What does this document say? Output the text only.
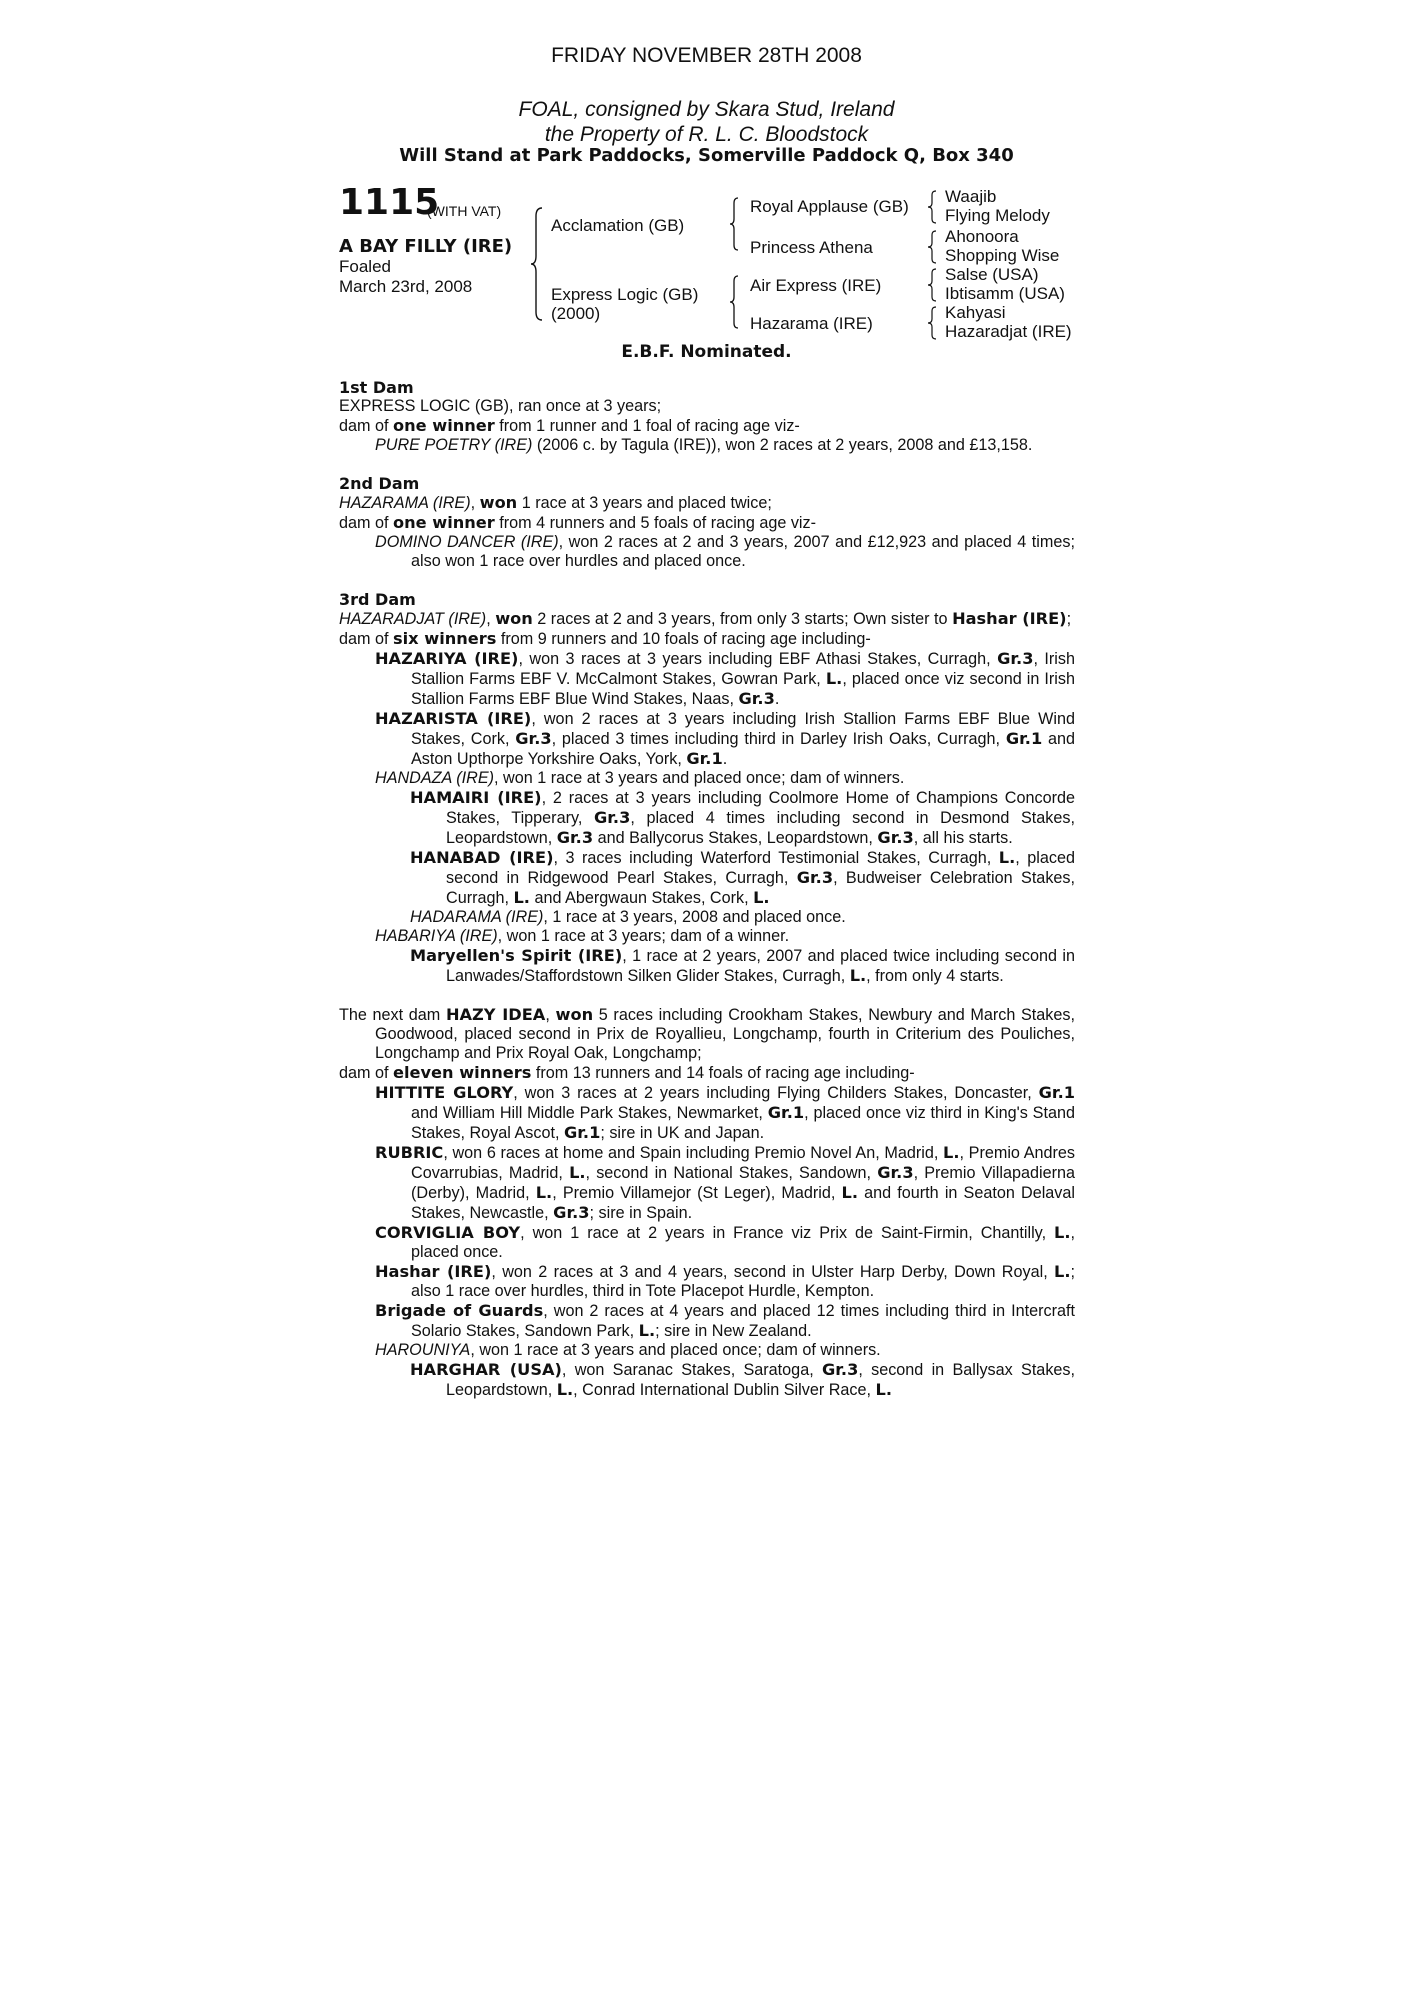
FRIDAY NOVEMBER 28TH 2008
FOAL, consigned by Skara Stud, Ireland
the Property of R. L. C. Bloodstock
Will Stand at Park Paddocks, Somerville Paddock Q, Box 340
1115
(WITH VAT)
A BAY FILLY (IRE)
Foaled
March 23rd, 2008
Acclamation (GB)
Express Logic (GB)
(2000)
Royal Applause (GB)
Princess Athena
Air Express (IRE)
Hazarama (IRE)
Waajib
Flying Melody
Ahonoora
Shopping Wise
Salse (USA)
Ibtisamm (USA)
Kahyasi
Hazaradjat (IRE)
E.B.F. Nominated.
1st Dam
EXPRESS LOGIC (GB), ran once at 3 years;
dam of one winner from 1 runner and 1 foal of racing age viz-
PURE POETRY (IRE) (2006 c. by Tagula (IRE)), won 2 races at 2 years, 2008 and £13,158.
2nd Dam
HAZARAMA (IRE), won 1 race at 3 years and placed twice;
dam of one winner from 4 runners and 5 foals of racing age viz-
DOMINO DANCER (IRE), won 2 races at 2 and 3 years, 2007 and £12,923 and placed 4 times; also won 1 race over hurdles and placed once.
3rd Dam
HAZARADJAT (IRE), won 2 races at 2 and 3 years, from only 3 starts; Own sister to Hashar (IRE);
dam of six winners from 9 runners and 10 foals of racing age including-
HAZARIYA (IRE), won 3 races at 3 years including EBF Athasi Stakes, Curragh, Gr.3, Irish Stallion Farms EBF V. McCalmont Stakes, Gowran Park, L., placed once viz second in Irish Stallion Farms EBF Blue Wind Stakes, Naas, Gr.3.
HAZARISTA (IRE), won 2 races at 3 years including Irish Stallion Farms EBF Blue Wind Stakes, Cork, Gr.3, placed 3 times including third in Darley Irish Oaks, Curragh, Gr.1 and Aston Upthorpe Yorkshire Oaks, York, Gr.1.
HANDAZA (IRE), won 1 race at 3 years and placed once; dam of winners.
HAMAIRI (IRE), 2 races at 3 years including Coolmore Home of Champions Concorde Stakes, Tipperary, Gr.3, placed 4 times including second in Desmond Stakes, Leopardstown, Gr.3 and Ballycorus Stakes, Leopardstown, Gr.3, all his starts.
HANABAD (IRE), 3 races including Waterford Testimonial Stakes, Curragh, L., placed second in Ridgewood Pearl Stakes, Curragh, Gr.3, Budweiser Celebration Stakes, Curragh, L. and Abergwaun Stakes, Cork, L.
HADARAMA (IRE), 1 race at 3 years, 2008 and placed once.
HABARIYA (IRE), won 1 race at 3 years; dam of a winner.
Maryellen's Spirit (IRE), 1 race at 2 years, 2007 and placed twice including second in Lanwades/Staffordstown Silken Glider Stakes, Curragh, L., from only 4 starts.
The next dam HAZY IDEA, won 5 races including Crookham Stakes, Newbury and March Stakes, Goodwood, placed second in Prix de Royallieu, Longchamp, fourth in Criterium des Pouliches, Longchamp and Prix Royal Oak, Longchamp;
dam of eleven winners from 13 runners and 14 foals of racing age including-
HITTITE GLORY, won 3 races at 2 years including Flying Childers Stakes, Doncaster, Gr.1 and William Hill Middle Park Stakes, Newmarket, Gr.1, placed once viz third in King's Stand Stakes, Royal Ascot, Gr.1; sire in UK and Japan.
RUBRIC, won 6 races at home and Spain including Premio Novel An, Madrid, L., Premio Andres Covarrubias, Madrid, L., second in National Stakes, Sandown, Gr.3, Premio Villapadierna (Derby), Madrid, L., Premio Villamejor (St Leger), Madrid, L. and fourth in Seaton Delaval Stakes, Newcastle, Gr.3; sire in Spain.
CORVIGLIA BOY, won 1 race at 2 years in France viz Prix de Saint-Firmin, Chantilly, L., placed once.
Hashar (IRE), won 2 races at 3 and 4 years, second in Ulster Harp Derby, Down Royal, L.; also 1 race over hurdles, third in Tote Placepot Hurdle, Kempton.
Brigade of Guards, won 2 races at 4 years and placed 12 times including third in Intercraft Solario Stakes, Sandown Park, L.; sire in New Zealand.
HAROUNIYA, won 1 race at 3 years and placed once; dam of winners.
HARGHAR (USA), won Saranac Stakes, Saratoga, Gr.3, second in Ballysax Stakes, Leopardstown, L., Conrad International Dublin Silver Race, L.
